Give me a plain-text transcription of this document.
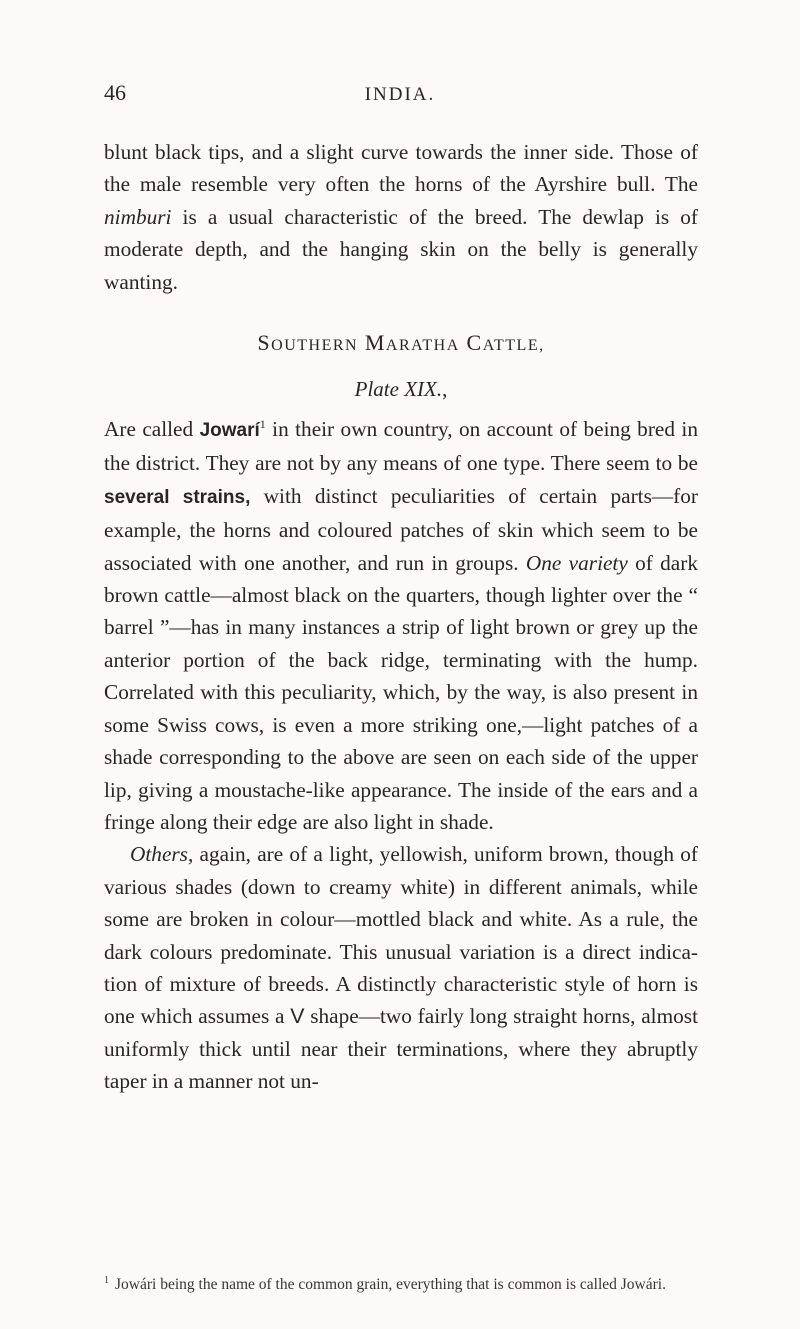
46	INDIA.

blunt black tips, and a slight curve towards the inner side. Those of the male resemble very often the horns of the Ayrshire bull. The nimburi is a usual characteristic of the breed. The dewlap is of moderate depth, and the hanging skin on the belly is generally wanting.

SOUTHERN MARATHA CATTLE,
Plate XIX.,

Are called Jowarí$^1$ in their own country, on account of being bred in the district. They are not by any means of one type. There seem to be several strains, with distinct peculiarities of certain parts—for example, the horns and coloured patches of skin which seem to be associated with one another, and run in groups. One variety of dark brown cattle—almost black on the quarters, though lighter over the “ barrel ”—has in many instances a strip of light brown or grey up the anterior portion of the back ridge, terminating with the hump. Correlated with this peculiarity, which, by the way, is also present in some Swiss cows, is even a more striking one,—light patches of a shade corresponding to the above are seen on each side of the upper lip, giving a moustache-like appearance. The inside of the ears and a fringe along their edge are also light in shade.

Others, again, are of a light, yellowish, uniform brown, though of various shades (down to creamy white) in different animals, while some are broken in colour—mottled black and white. As a rule, the dark colours predominate. This unusual variation is a direct indica-tion of mixture of breeds. A distinctly characteristic style of horn is one which assumes a V shape—two fairly long straight horns, almost uniformly thick until near their terminations, where they abruptly taper in a manner not un-

$^1$ Jowári being the name of the common grain, everything that is common is called Jowári.
